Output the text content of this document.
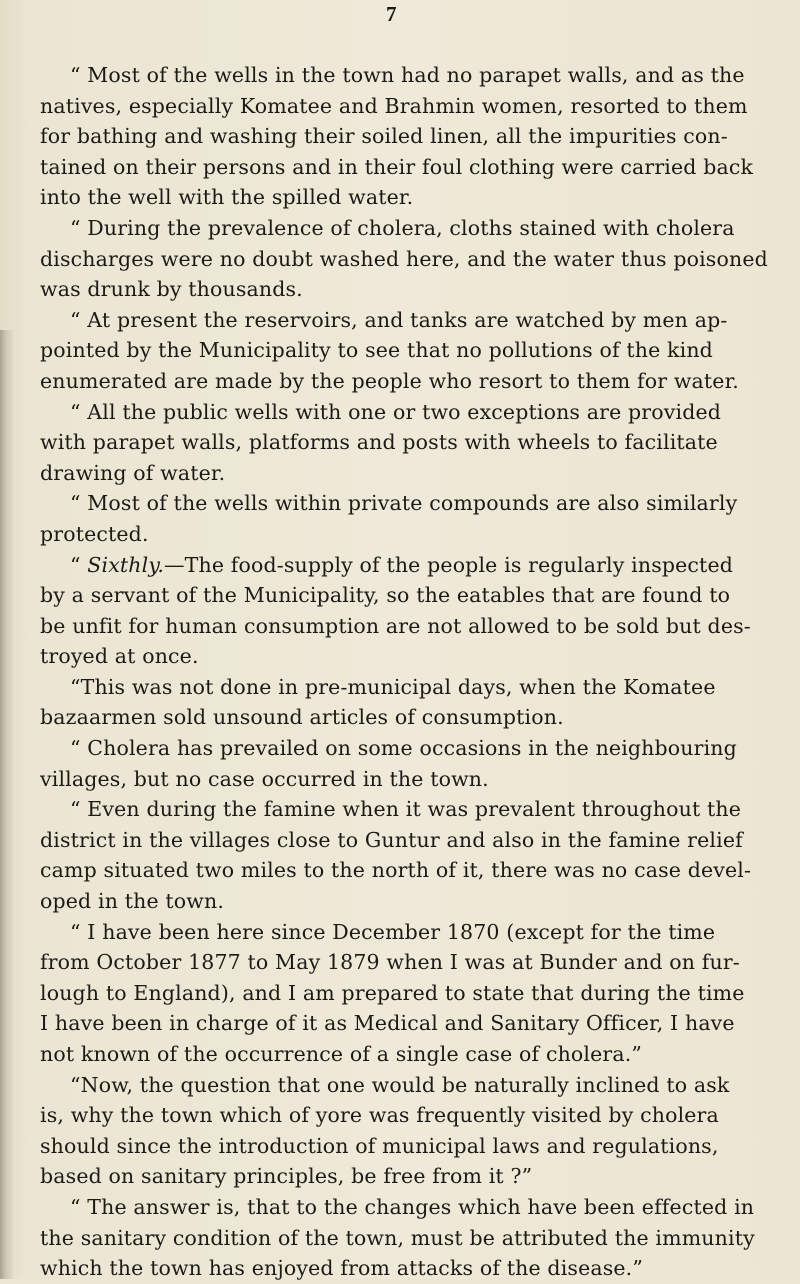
7

“ Most of the wells in the town had no parapet walls, and as the
natives, especially Komatee and Brahmin women, resorted to them
for bathing and washing their soiled linen, all the impurities con-
tained on their persons and in their foul clothing were carried back
into the well with the spilled water.

“ During the prevalence of cholera, cloths stained with cholera
discharges were no doubt washed here, and the water thus poisoned
was drunk by thousands.

“ At present the reservoirs, and tanks are watched by men ap-
pointed by the Municipality to see that no pollutions of the kind
enumerated are made by the people who resort to them for water.

“ All the public wells with one or two exceptions are provided
with parapet walls, platforms and posts with wheels to facilitate
drawing of water.

“ Most of the wells within private compounds are also similarly
protected.

“ Sixthly.—The food-supply of the people is regularly inspected
by a servant of the Municipality, so the eatables that are found to
be unfit for human consumption are not allowed to be sold but des-
troyed at once.

“This was not done in pre-municipal days, when the Komatee
bazaarmen sold unsound articles of consumption.

“ Cholera has prevailed on some occasions in the neighbouring
villages, but no case occurred in the town.

“ Even during the famine when it was prevalent throughout the
district in the villages close to Guntur and also in the famine relief
camp situated two miles to the north of it, there was no case devel-
oped in the town.

“ I have been here since December 1870 (except for the time
from October 1877 to May 1879 when I was at Bunder and on fur-
lough to England), and I am prepared to state that during the time
I have been in charge of it as Medical and Sanitary Officer, I have
not known of the occurrence of a single case of cholera.”

“Now, the question that one would be naturally inclined to ask
is, why the town which of yore was frequently visited by cholera
should since the introduction of municipal laws and regulations,
based on sanitary principles, be free from it ?”

“ The answer is, that to the changes which have been effected in
the sanitary condition of the town, must be attributed the immunity
which the town has enjoyed from attacks of the disease.”
